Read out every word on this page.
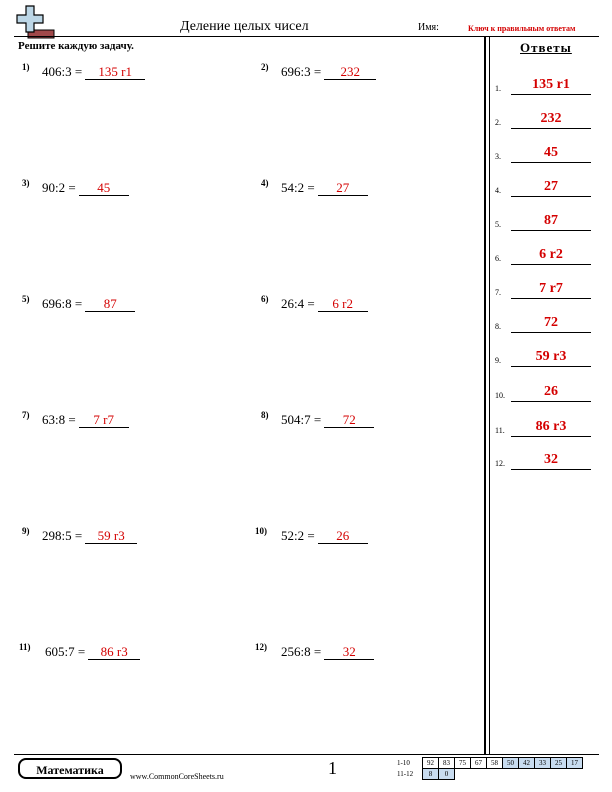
Деление целых чисел	Имя:	Ключ к правильным ответам
Решите каждую задачу.
1) 406:3 = 135 r1	2) 696:3 = 232
3) 90:2 = 45	4) 54:2 = 27
5) 696:8 = 87	6) 26:4 = 6 r2
7) 63:8 = 7 r7	8) 504:7 = 72
9) 298:5 = 59 r3	10) 52:2 = 26
11) 605:7 = 86 r3	12) 256:8 = 32
Ответы
1.	135 r1
2.	232
3.	45
4.	27
5.	87
6.	6 r2
7.	7 r7
8.	72
9.	59 r3
10.	26
11.	86 r3
12.	32
Математика	www.CommonCoreSheets.ru	1	1-10	92	83	75	67	58	50	42	33	25	17
11-12	8	0								
